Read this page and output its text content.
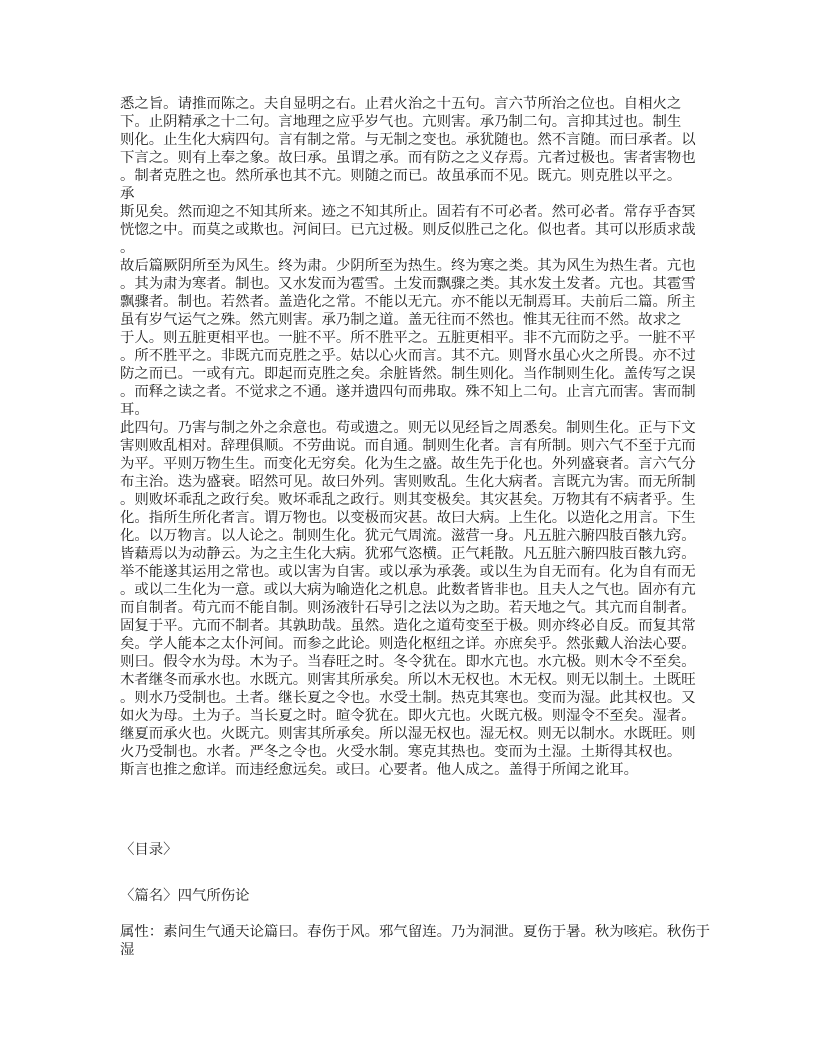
悉之旨。请推而陈之。夫自显明之右。止君火治之十五句。言六节所治之位也。自相火之
下。止阴精承之十二句。言地理之应乎岁气也。亢则害。承乃制二句。言抑其过也。制生
则化。止生化大病四句。言有制之常。与无制之变也。承犹随也。然不言随。而曰承者。以
下言之。则有上奉之象。故曰承。虽谓之承。而有防之之义存焉。亢者过极也。害者害物也
。制者克胜之也。然所承也其不亢。则随之而已。故虽承而不见。既亢。则克胜以平之。
承
斯见矣。然而迎之不知其所来。迹之不知其所止。固若有不可必者。然可必者。常存乎杳冥
恍惚之中。而莫之或欺也。河间曰。已亢过极。则反似胜己之化。似也者。其可以形质求哉
。
故后篇厥阴所至为风生。终为肃。少阴所至为热生。终为寒之类。其为风生为热生者。亢也
。其为肃为寒者。制也。又水发而为雹雪。土发而飘骤之类。其水发土发者。亢也。其雹雪
飘骤者。制也。若然者。盖造化之常。不能以无亢。亦不能以无制焉耳。夫前后二篇。所主
虽有岁气运气之殊。然亢则害。承乃制之道。盖无往而不然也。惟其无往而不然。故求之
于人。则五脏更相平也。一脏不平。所不胜平之。五脏更相平。非不亢而防之乎。一脏不平
。所不胜平之。非既亢而克胜之乎。姑以心火而言。其不亢。则肾水虽心火之所畏。亦不过
防之而已。一或有亢。即起而克胜之矣。余脏皆然。制生则化。当作制则生化。盖传写之误
。而释之读之者。不觉求之不通。遂并遗四句而弗取。殊不知上二句。止言亢而害。害而制
耳。
此四句。乃害与制之外之余意也。苟或遗之。则无以见经旨之周悉矣。制则生化。正与下文
害则败乱相对。辞理俱顺。不劳曲说。而自通。制则生化者。言有所制。则六气不至于亢而
为平。平则万物生生。而变化无穷矣。化为生之盛。故生先于化也。外列盛衰者。言六气分
布主治。迭为盛衰。昭然可见。故曰外列。害则败乱。生化大病者。言既亢为害。而无所制
。则败坏乖乱之政行矣。败坏乖乱之政行。则其变极矣。其灾甚矣。万物其有不病者乎。生
化。指所生所化者言。谓万物也。以变极而灾甚。故曰大病。上生化。以造化之用言。下生
化。以万物言。以人论之。制则生化。犹元气周流。滋营一身。凡五脏六腑四肢百骸九窍。
皆藉焉以为动静云。为之主生化大病。犹邪气恣横。正气耗散。凡五脏六腑四肢百骸九窍。
举不能遂其运用之常也。或以害为自害。或以承为承袭。或以生为自无而有。化为自有而无
。或以二生化为一意。或以大病为喻造化之机息。此数者皆非也。且夫人之气也。固亦有亢
而自制者。苟亢而不能自制。则汤液针石导引之法以为之助。若天地之气。其亢而自制者。
固复于平。亢而不制者。其孰助哉。虽然。造化之道苟变至于极。则亦终必自反。而复其常
矣。学人能本之太仆河间。而参之此论。则造化枢纽之详。亦庶矣乎。然张戴人治法心要。
则曰。假令水为母。木为子。当春旺之时。冬令犹在。即水亢也。水亢极。则木令不至矣。
木者继冬而承水也。水既亢。则害其所承矣。所以木无权也。木无权。则无以制土。土既旺
。则水乃受制也。土者。继长夏之令也。水受土制。热克其寒也。变而为湿。此其权也。又
如火为母。土为子。当长夏之时。暄令犹在。即火亢也。火既亢极。则湿令不至矣。湿者。
继夏而承火也。火既亢。则害其所承矣。所以湿无权也。湿无权。则无以制水。水既旺。则
火乃受制也。水者。严冬之令也。火受水制。寒克其热也。变而为土湿。土斯得其权也。
斯言也推之愈详。而违经愈远矣。或曰。心要者。他人成之。盖得于所闻之讹耳。
〈目录〉
〈篇名〉四气所伤论
属性：素问生气通天论篇曰。春伤于风。邪气留连。乃为洞泄。夏伤于暑。秋为咳疟。秋伤于
湿
